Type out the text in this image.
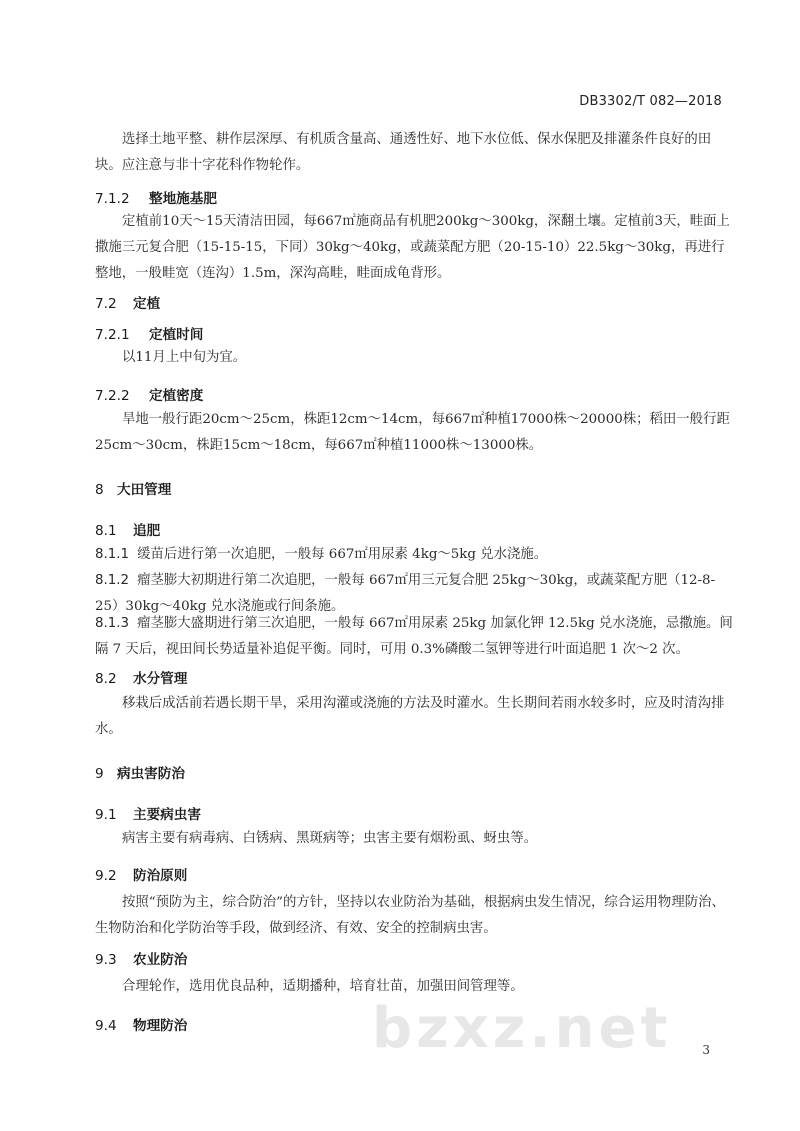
DB3302/T 082—2018
选择土地平整、耕作层深厚、有机质含量高、通透性好、地下水位低、保水保肥及排灌条件良好的田块。应注意与非十字花科作物轮作。
7.1.2 整地施基肥
定植前10天～15天清洁田园，每667㎡施商品有机肥200kg～300kg，深翻土壤。定植前3天，畦面上撒施三元复合肥（15-15-15，下同）30kg～40kg，或蔬菜配方肥（20-15-10）22.5kg～30kg，再进行整地，一般畦宽（连沟）1.5m，深沟高畦，畦面成龟背形。
7.2 定植
7.2.1 定植时间
以11月上中旬为宜。
7.2.2 定植密度
旱地一般行距20cm～25cm，株距12cm～14cm，每667㎡种植17000株～20000株；稻田一般行距25cm～30cm，株距15cm～18cm，每667㎡种植11000株～13000株。
8 大田管理
8.1 追肥
8.1.1 缓苗后进行第一次追肥，一般每 667㎡用尿素 4kg～5kg 兑水浇施。
8.1.2 瘤茎膨大初期进行第二次追肥，一般每 667㎡用三元复合肥 25kg～30kg，或蔬菜配方肥（12-8-25）30kg～40kg 兑水浇施或行间条施。
8.1.3 瘤茎膨大盛期进行第三次追肥，一般每 667㎡用尿素 25kg 加氯化钾 12.5kg 兑水浇施，忌撒施。间隔 7 天后，视田间长势适量补追促平衡。同时，可用 0.3%磷酸二氢钾等进行叶面追肥 1 次～2 次。
8.2 水分管理
移栽后成活前若遇长期干旱，采用沟灌或浇施的方法及时灌水。生长期间若雨水较多时，应及时清沟排水。
9 病虫害防治
9.1 主要病虫害
病害主要有病毒病、白锈病、黑斑病等；虫害主要有烟粉虱、蚜虫等。
9.2 防治原则
按照“预防为主，综合防治”的方针，坚持以农业防治为基础，根据病虫发生情况，综合运用物理防治、生物防治和化学防治等手段，做到经济、有效、安全的控制病虫害。
9.3 农业防治
合理轮作，选用优良品种，适期播种，培育壮苗，加强田间管理等。
bzxz.net
9.4 物理防治
3
